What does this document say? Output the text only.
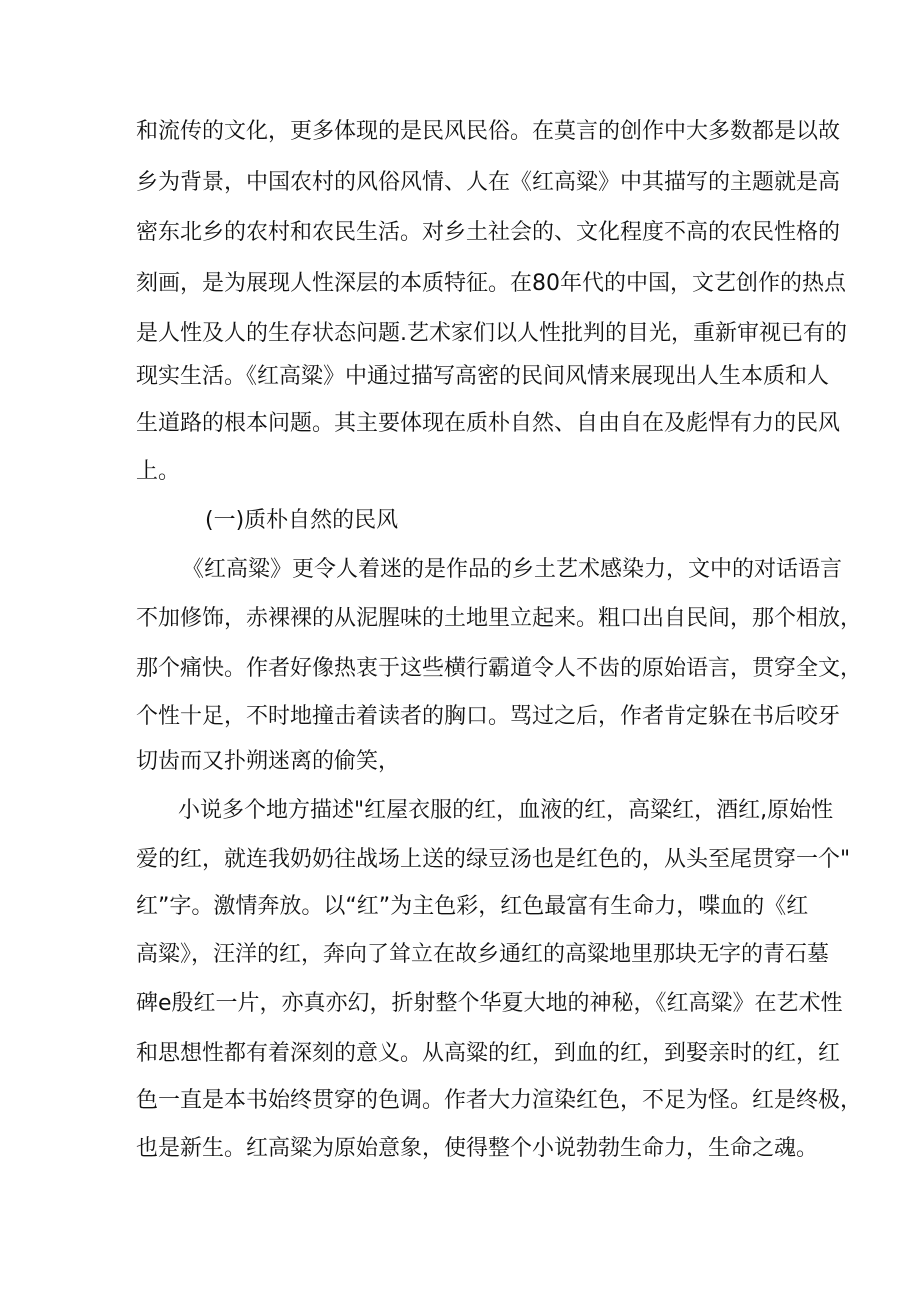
和流传的文化，更多体现的是民风民俗。在莫言的创作中大多数都是以故
乡为背景，中国农村的风俗风情、人在《红高粱》中其描写的主题就是高
密东北乡的农村和农民生活。对乡土社会的、文化程度不高的农民性格的
刻画，是为展现人性深层的本质特征。在80年代的中国，文艺创作的热点
是人性及人的生存状态问题.艺术家们以人性批判的目光，重新审视已有的
现实生活。《红高粱》中通过描写高密的民间风情来展现出人生本质和人
生道路的根本问题。其主要体现在质朴自然、自由自在及彪悍有力的民风
上。
(一)质朴自然的民风
《红高粱》更令人着迷的是作品的乡土艺术感染力，文中的对话语言
不加修饰，赤裸裸的从泥腥味的土地里立起来。粗口出自民间，那个相放，
那个痛快。作者好像热衷于这些横行霸道令人不齿的原始语言，贯穿全文，
个性十足，不时地撞击着读者的胸口。骂过之后，作者肯定躲在书后咬牙
切齿而又扑朔迷离的偷笑，
小说多个地方描述"红屋衣服的红，血液的红，高粱红，酒红,原始性
爱的红，就连我奶奶往战场上送的绿豆汤也是红色的，从头至尾贯穿一个"
红”字。激情奔放。以“红”为主色彩，红色最富有生命力，喋血的《红
高粱》，汪洋的红，奔向了耸立在故乡通红的高粱地里那块无字的青石墓
碑e殷红一片，亦真亦幻，折射整个华夏大地的神秘，《红高粱》在艺术性
和思想性都有着深刻的意义。从高粱的红，到血的红，到娶亲时的红，红
色一直是本书始终贯穿的色调。作者大力渲染红色，不足为怪。红是终极，
也是新生。红高粱为原始意象，使得整个小说勃勃生命力，生命之魂。
